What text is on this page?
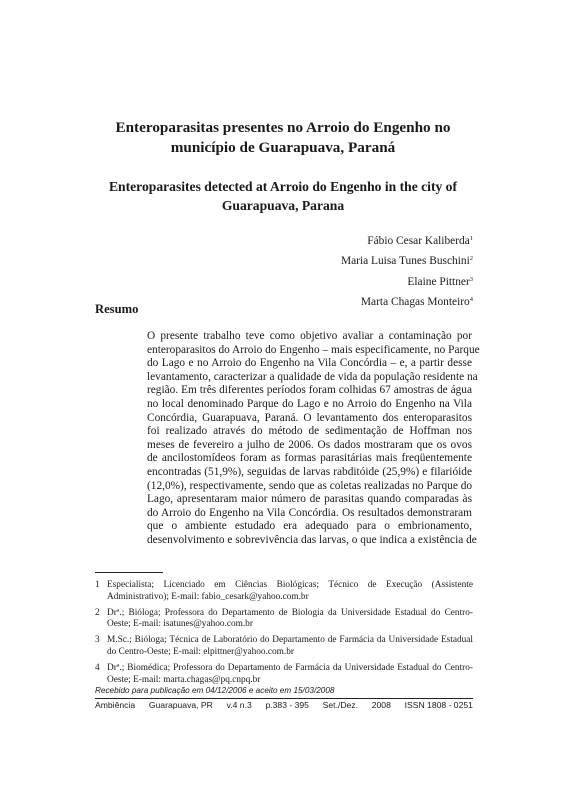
Enteroparasitas presentes no Arroio do Engenho no
município de Guarapuava, Paraná
Enteroparasites detected at Arroio do Engenho in the city of
Guarapuava, Parana
Fábio Cesar Kaliberda$^1$
Maria Luisa Tunes Buschini$^2$
Elaine Pittner$^3$
Marta Chagas Monteiro$^4$
Resumo
O presente trabalho teve como objetivo avaliar a contaminação por
enteroparasitos do Arroio do Engenho – mais especificamente, no Parque
do Lago e no Arroio do Engenho na Vila Concórdia – e, a partir desse
levantamento, caracterizar a qualidade de vida da população residente na
região. Em três diferentes períodos foram colhidas 67 amostras de água
no local denominado Parque do Lago e no Arroio do Engenho na Vila
Concórdia, Guarapuava, Paraná. O levantamento dos enteroparasitos
foi realizado através do método de sedimentação de Hoffman nos
meses de fevereiro a julho de 2006. Os dados mostraram que os ovos
de ancilostomídeos foram as formas parasitárias mais freqüentemente
encontradas (51,9%), seguidas de larvas rabditóide (25,9%) e filarióide
(12,0%), respectivamente, sendo que as coletas realizadas no Parque do
Lago, apresentaram maior número de parasitas quando comparadas às
do Arroio do Engenho na Vila Concórdia. Os resultados demonstraram
que o ambiente estudado era adequado para o embrionamento,
desenvolvimento e sobrevivência das larvas, o que indica a existência de
1 Especialista; Licenciado em Ciências Biológicas; Técnico de Execução (Assistente
Administrativo); E-mail: fabio_cesark@yahoo.com.br
2 Drª.; Bióloga; Professora do Departamento de Biologia da Universidade Estadual do Centro-
Oeste; E-mail: isatunes@yahoo.com.br
3 M.Sc.; Bióloga; Técnica de Laboratório do Departamento de Farmácia da Universidade Estadual
do Centro-Oeste; E-mail: elpittner@yahoo.com.br
4 Drª.; Biomédica; Professora do Departamento de Farmácia da Universidade Estadual do Centro-
Oeste; E-mail: marta.chagas@pq.cnpq.br
Recebido para publicação em 04/12/2006 e aceito em 15/03/2008
Ambiência Guarapuava, PR v.4 n.3 p.383 - 395 Set./Dez. 2008 ISSN 1808 - 0251
